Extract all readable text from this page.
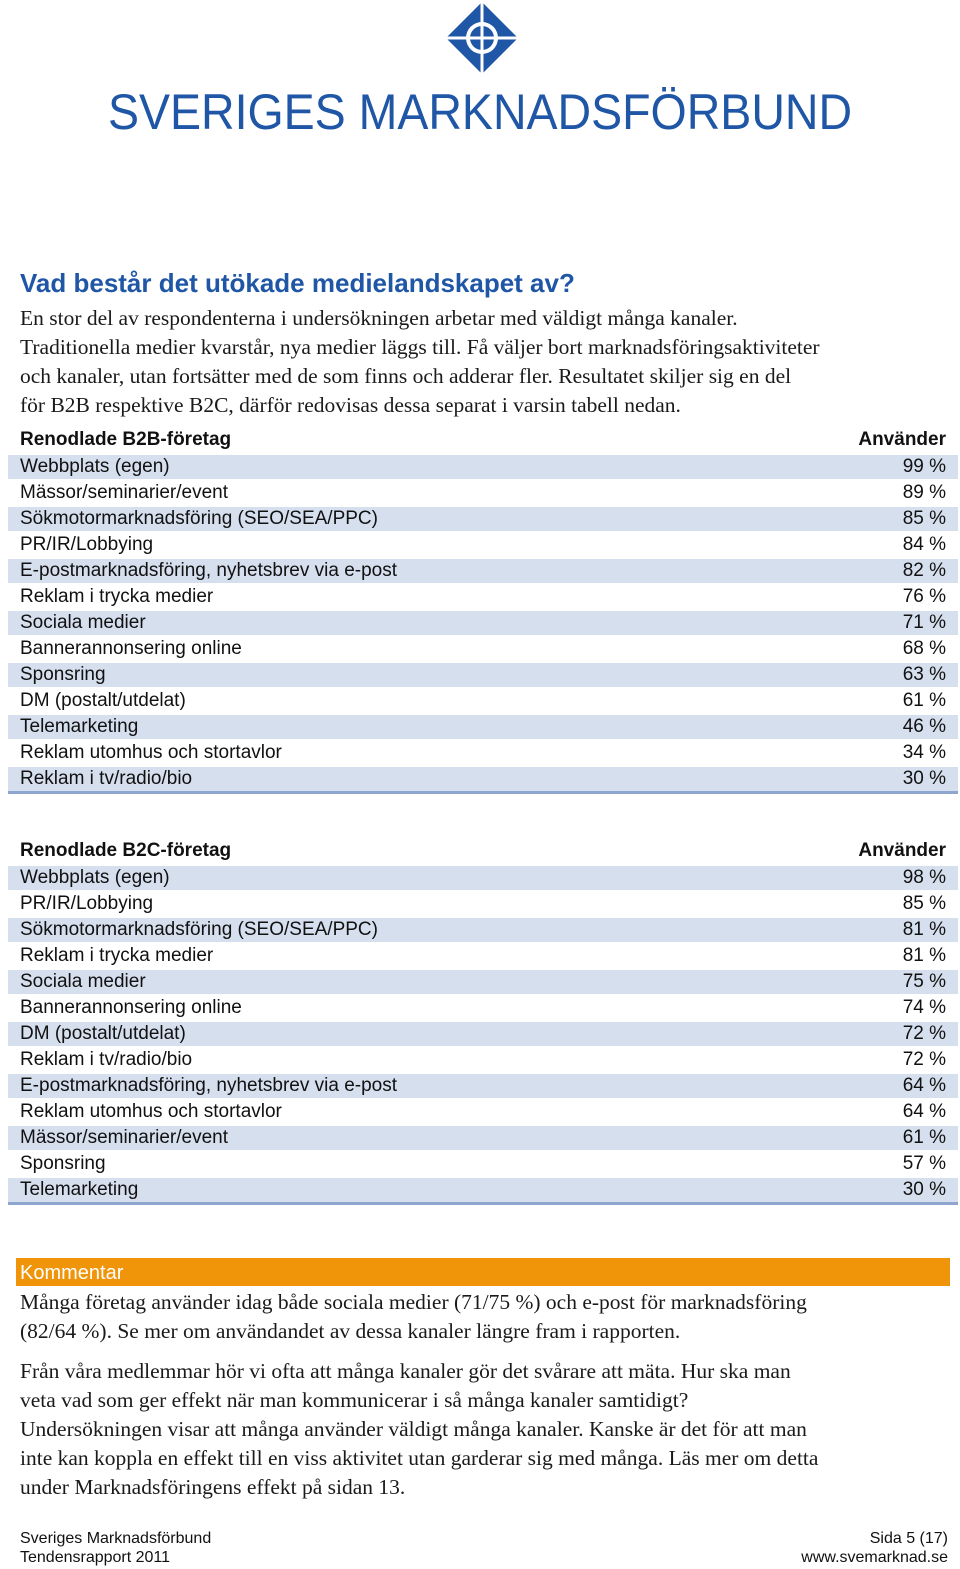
SVERIGES MARKNADSFÖRBUND
Vad består det utökade medielandskapet av?
En stor del av respondenterna i undersökningen arbetar med väldigt många kanaler.
Traditionella medier kvarstår, nya medier läggs till. Få väljer bort marknadsföringsaktiviteter
och kanaler, utan fortsätter med de som finns och adderar fler. Resultatet skiljer sig en del
för B2B respektive B2C, därför redovisas dessa separat i varsin tabell nedan.
Renodlade B2B-företag	Använder
Webbplats (egen)	99 %
Mässor/seminarier/event	89 %
Sökmotormarknadsföring (SEO/SEA/PPC)	85 %
PR/IR/Lobbying	84 %
E-postmarknadsföring, nyhetsbrev via e-post	82 %
Reklam i trycka medier	76 %
Sociala medier	71 %
Bannerannonsering online	68 %
Sponsring	63 %
DM (postalt/utdelat)	61 %
Telemarketing	46 %
Reklam utomhus och stortavlor	34 %
Reklam i tv/radio/bio	30 %
Renodlade B2C-företag	Använder
Webbplats (egen)	98 %
PR/IR/Lobbying	85 %
Sökmotormarknadsföring (SEO/SEA/PPC)	81 %
Reklam i trycka medier	81 %
Sociala medier	75 %
Bannerannonsering online	74 %
DM (postalt/utdelat)	72 %
Reklam i tv/radio/bio	72 %
E-postmarknadsföring, nyhetsbrev via e-post	64 %
Reklam utomhus och stortavlor	64 %
Mässor/seminarier/event	61 %
Sponsring	57 %
Telemarketing	30 %
Kommentar
Många företag använder idag både sociala medier (71/75 %) och e-post för marknadsföring
(82/64 %). Se mer om användandet av dessa kanaler längre fram i rapporten.
Från våra medlemmar hör vi ofta att många kanaler gör det svårare att mäta. Hur ska man
veta vad som ger effekt när man kommunicerar i så många kanaler samtidigt?
Undersökningen visar att många använder väldigt många kanaler. Kanske är det för att man
inte kan koppla en effekt till en viss aktivitet utan garderar sig med många. Läs mer om detta
under Marknadsföringens effekt på sidan 13.
Sveriges Marknadsförbund	Sida 5 (17)
Tendensrapport 2011	www.svemarknad.se
